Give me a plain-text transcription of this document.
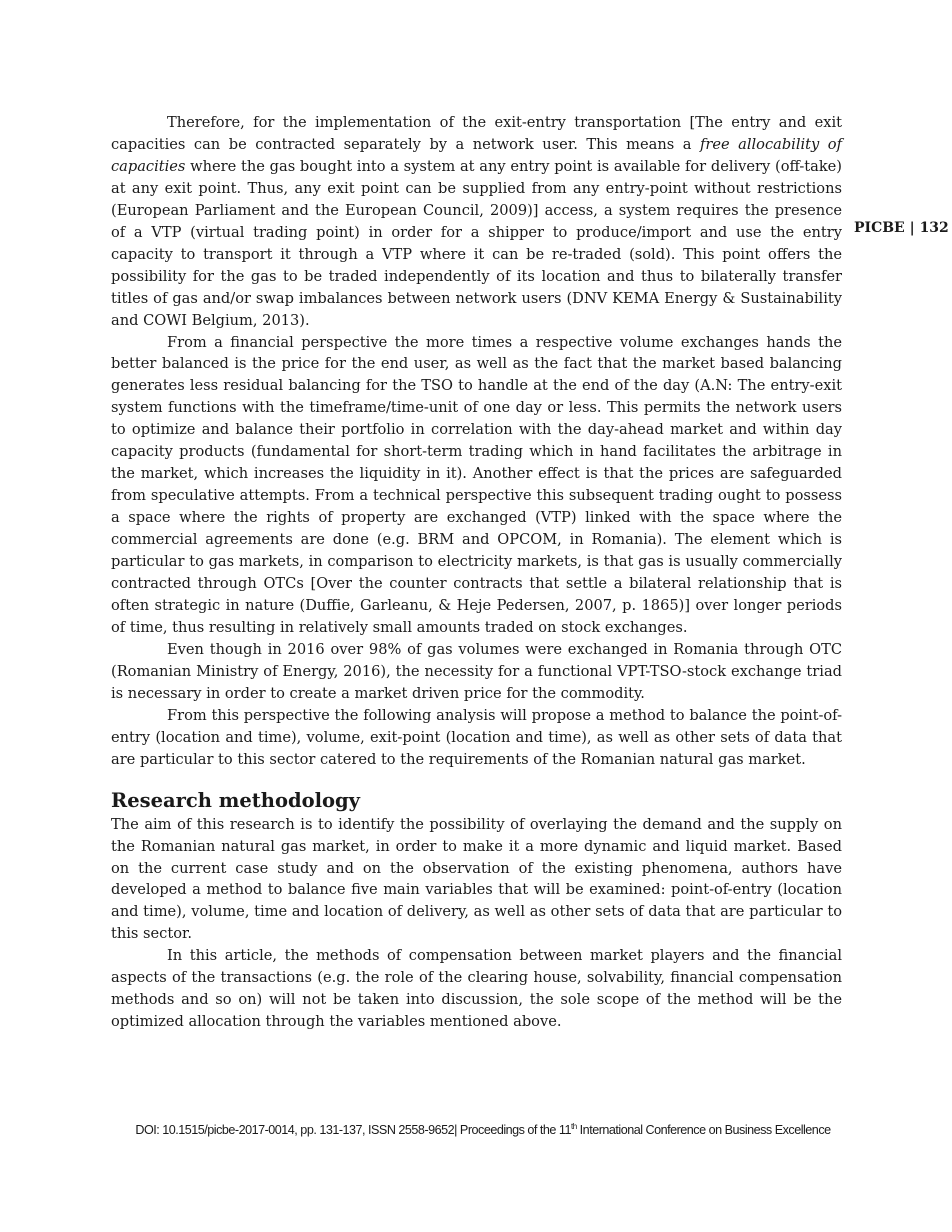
PICBE | 132

Therefore, for the implementation of the exit-entry transportation [The entry and exit capacities can be contracted separately by a network user. This means a free allocability of capacities where the gas bought into a system at any entry point is available for delivery (off-take) at any exit point. Thus, any exit point can be supplied from any entry-point without restrictions (European Parliament and the European Council, 2009)] access, a system requires the presence of a VTP (virtual trading point) in order for a shipper to produce/import and use the entry capacity to transport it through a VTP where it can be re-traded (sold). This point offers the possibility for the gas to be traded independently of its location and thus to bilaterally transfer titles of gas and/or swap imbalances between network users (DNV KEMA Energy & Sustainability and COWI Belgium, 2013).

From a financial perspective the more times a respective volume exchanges hands the better balanced is the price for the end user, as well as the fact that the market based balancing generates less residual balancing for the TSO to handle at the end of the day (A.N: The entry-exit system functions with the timeframe/time-unit of one day or less. This permits the network users to optimize and balance their portfolio in correlation with the day-ahead market and within day capacity products (fundamental for short-term trading which in hand facilitates the arbitrage in the market, which increases the liquidity in it). Another effect is that the prices are safeguarded from speculative attempts. From a technical perspective this subsequent trading ought to possess a space where the rights of property are exchanged (VTP) linked with the space where the commercial agreements are done (e.g. BRM and OPCOM, in Romania). The element which is particular to gas markets, in comparison to electricity markets, is that gas is usually commercially contracted through OTCs [Over the counter contracts that settle a bilateral relationship that is often strategic in nature (Duffie, Garleanu, & Heje Pedersen, 2007, p. 1865)] over longer periods of time, thus resulting in relatively small amounts traded on stock exchanges.

Even though in 2016 over 98% of gas volumes were exchanged in Romania through OTC (Romanian Ministry of Energy, 2016), the necessity for a functional VPT-TSO-stock exchange triad is necessary in order to create a market driven price for the commodity.

From this perspective the following analysis will propose a method to balance the point-of-entry (location and time), volume, exit-point (location and time), as well as other sets of data that are particular to this sector catered to the requirements of the Romanian natural gas market.

Research methodology

The aim of this research is to identify the possibility of overlaying the demand and the supply on the Romanian natural gas market, in order to make it a more dynamic and liquid market. Based on the current case study and on the observation of the existing phenomena, authors have developed a method to balance five main variables that will be examined: point-of-entry (location and time), volume, time and location of delivery, as well as other sets of data that are particular to this sector.

In this article, the methods of compensation between market players and the financial aspects of the transactions (e.g. the role of the clearing house, solvability, financial compensation methods and so on) will not be taken into discussion, the sole scope of the method will be the optimized allocation through the variables mentioned above.

DOI: 10.1515/picbe-2017-0014, pp. 131-137, ISSN 2558-9652| Proceedings of the 11th International Conference on Business Excellence
